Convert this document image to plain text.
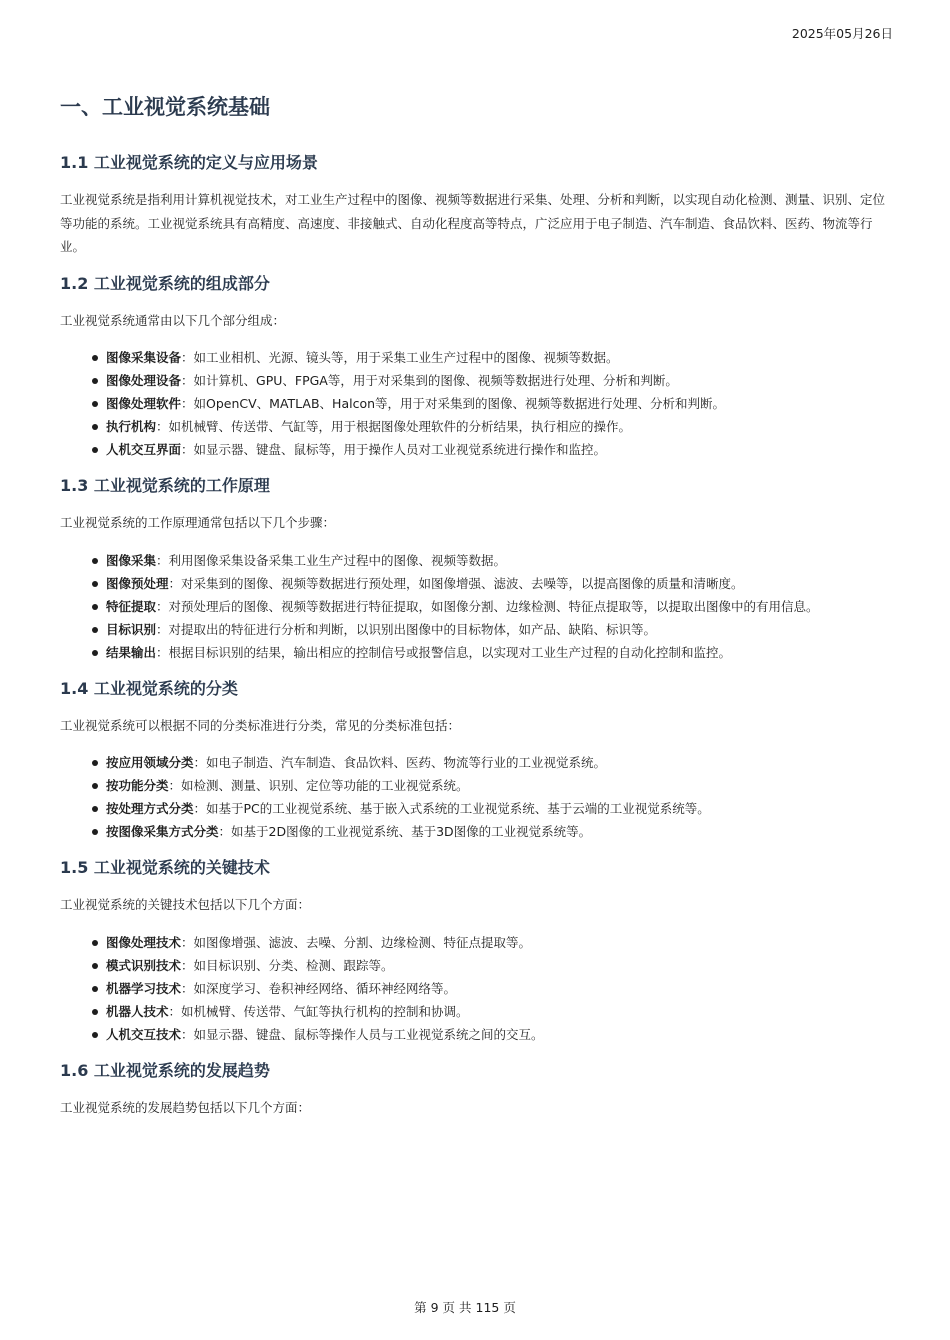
2025年05月26日
一、工业视觉系统基础
1.1 工业视觉系统的定义与应用场景

工业视觉系统是指利用计算机视觉技术，对工业生产过程中的图像、视频等数据进行采集、处理、分析和判断，以实现自动化检测、测量、识别、定位等功能的系统。工业视觉系统具有高精度、高速度、非接触式、自动化程度高等特点，广泛应用于电子制造、汽车制造、食品饮料、医药、物流等行业。

1.2 工业视觉系统的组成部分

工业视觉系统通常由以下几个部分组成：

图像采集设备：如工业相机、光源、镜头等，用于采集工业生产过程中的图像、视频等数据。
图像处理设备：如计算机、GPU、FPGA等，用于对采集到的图像、视频等数据进行处理、分析和判断。
图像处理软件：如OpenCV、MATLAB、Halcon等，用于对采集到的图像、视频等数据进行处理、分析和判断。
执行机构：如机械臂、传送带、气缸等，用于根据图像处理软件的分析结果，执行相应的操作。
人机交互界面：如显示器、键盘、鼠标等，用于操作人员对工业视觉系统进行操作和监控。
1.3 工业视觉系统的工作原理

工业视觉系统的工作原理通常包括以下几个步骤：

图像采集：利用图像采集设备采集工业生产过程中的图像、视频等数据。
图像预处理：对采集到的图像、视频等数据进行预处理，如图像增强、滤波、去噪等，以提高图像的质量和清晰度。
特征提取：对预处理后的图像、视频等数据进行特征提取，如图像分割、边缘检测、特征点提取等，以提取出图像中的有用信息。
目标识别：对提取出的特征进行分析和判断，以识别出图像中的目标物体，如产品、缺陷、标识等。
结果输出：根据目标识别的结果，输出相应的控制信号或报警信息，以实现对工业生产过程的自动化控制和监控。
1.4 工业视觉系统的分类

工业视觉系统可以根据不同的分类标准进行分类，常见的分类标准包括：

按应用领域分类：如电子制造、汽车制造、食品饮料、医药、物流等行业的工业视觉系统。
按功能分类：如检测、测量、识别、定位等功能的工业视觉系统。
按处理方式分类：如基于PC的工业视觉系统、基于嵌入式系统的工业视觉系统、基于云端的工业视觉系统等。
按图像采集方式分类：如基于2D图像的工业视觉系统、基于3D图像的工业视觉系统等。
1.5 工业视觉系统的关键技术

工业视觉系统的关键技术包括以下几个方面：

图像处理技术：如图像增强、滤波、去噪、分割、边缘检测、特征点提取等。
模式识别技术：如目标识别、分类、检测、跟踪等。
机器学习技术：如深度学习、卷积神经网络、循环神经网络等。
机器人技术：如机械臂、传送带、气缸等执行机构的控制和协调。
人机交互技术：如显示器、键盘、鼠标等操作人员与工业视觉系统之间的交互。
1.6 工业视觉系统的发展趋势

工业视觉系统的发展趋势包括以下几个方面：

第 9 页 共 115 页
